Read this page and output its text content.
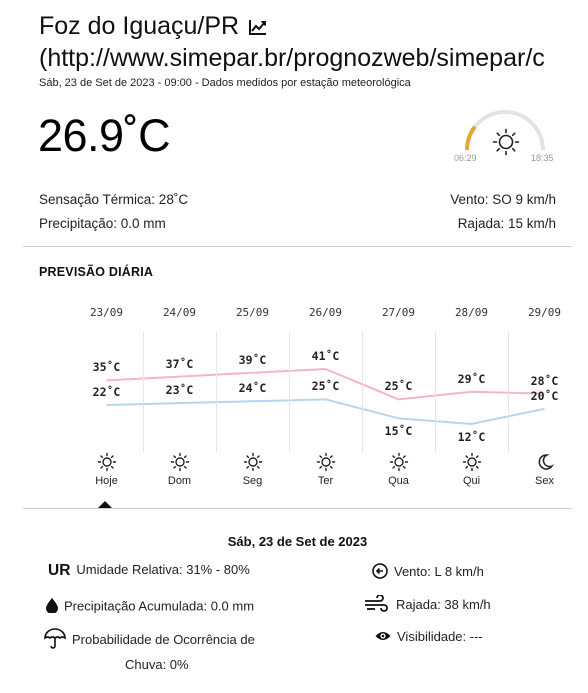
Foz do Iguaçu/PR
(http://www.simepar.br/prognozweb/simepar/c
Sáb, 23 de Set de 2023 - 09:00 - Dados medidos por estação meteorológica
26.9˚C	06:29	18:35
Sensação Térmica: 28˚C
Precipitação: 0.0 mm
Vento: SO 9 km/h
Rajada: 15 km/h
PREVISÃO DIÁRIA
23/09
35˚C
22˚C
Hoje
24/09
37˚C
23˚C
Dom
25/09
39˚C
24˚C
Seg
26/09
41˚C
25˚C
Ter
27/09
25˚C
15˚C
Qua
28/09
29˚C
12˚C
Qui
29/09
28˚C
20˚C
Sex
Sáb, 23 de Set de 2023
UR Umidade Relativa: 31% - 80%
Precipitação Acumulada: 0.0 mm
Probabilidade de Ocorrência de
Chuva: 0%
Vento: L 8 km/h
Rajada: 38 km/h
Visibilidade: ---
